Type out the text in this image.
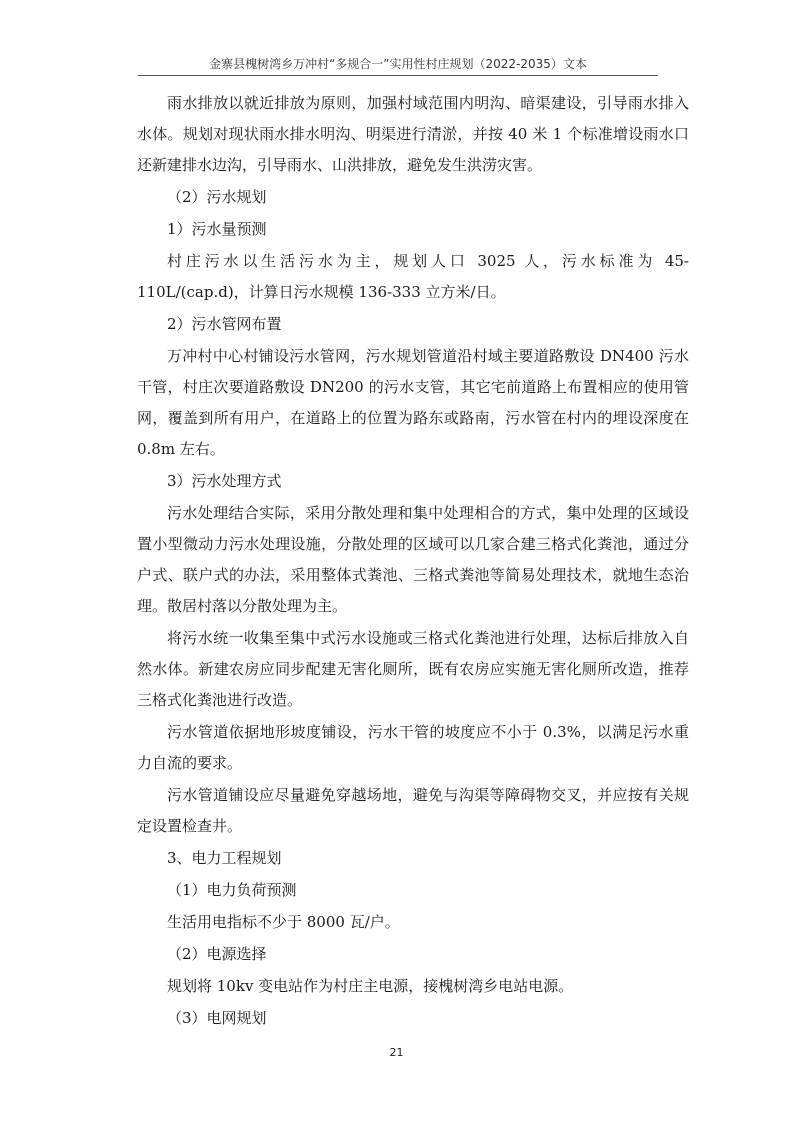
金寨县槐树湾乡万冲村“多规合一”实用性村庄规划（2022-2035）文本

雨水排放以就近排放为原则，加强村域范围内明沟、暗渠建设，引导雨水排入水体。规划对现状雨水排水明沟、明渠进行清淤，并按 40 米 1 个标准增设雨水口还新建排水边沟，引导雨水、山洪排放，避免发生洪涝灾害。

（2）污水规划

1）污水量预测

村庄污水以生活污水为主，规划人口 3025 人，污水标准为 45-110L/(cap.d)，计算日污水规模 136-333 立方米/日。

2）污水管网布置

万冲村中心村铺设污水管网，污水规划管道沿村域主要道路敷设 DN400 污水干管，村庄次要道路敷设 DN200 的污水支管，其它宅前道路上布置相应的使用管网，覆盖到所有用户，在道路上的位置为路东或路南，污水管在村内的埋设深度在 0.8m 左右。

3）污水处理方式

污水处理结合实际，采用分散处理和集中处理相合的方式，集中处理的区域设置小型微动力污水处理设施，分散处理的区域可以几家合建三格式化粪池，通过分户式、联户式的办法，采用整体式粪池、三格式粪池等简易处理技术，就地生态治理。散居村落以分散处理为主。

将污水统一收集至集中式污水设施或三格式化粪池进行处理，达标后排放入自然水体。新建农房应同步配建无害化厕所，既有农房应实施无害化厕所改造，推荐三格式化粪池进行改造。

污水管道依据地形坡度铺设，污水干管的坡度应不小于 0.3%，以满足污水重力自流的要求。

污水管道铺设应尽量避免穿越场地，避免与沟渠等障碍物交叉，并应按有关规定设置检查井。

3、电力工程规划

（1）电力负荷预测

生活用电指标不少于 8000 瓦/户。

（2）电源选择

规划将 10kv 变电站作为村庄主电源，接槐树湾乡电站电源。

（3）电网规划

21
